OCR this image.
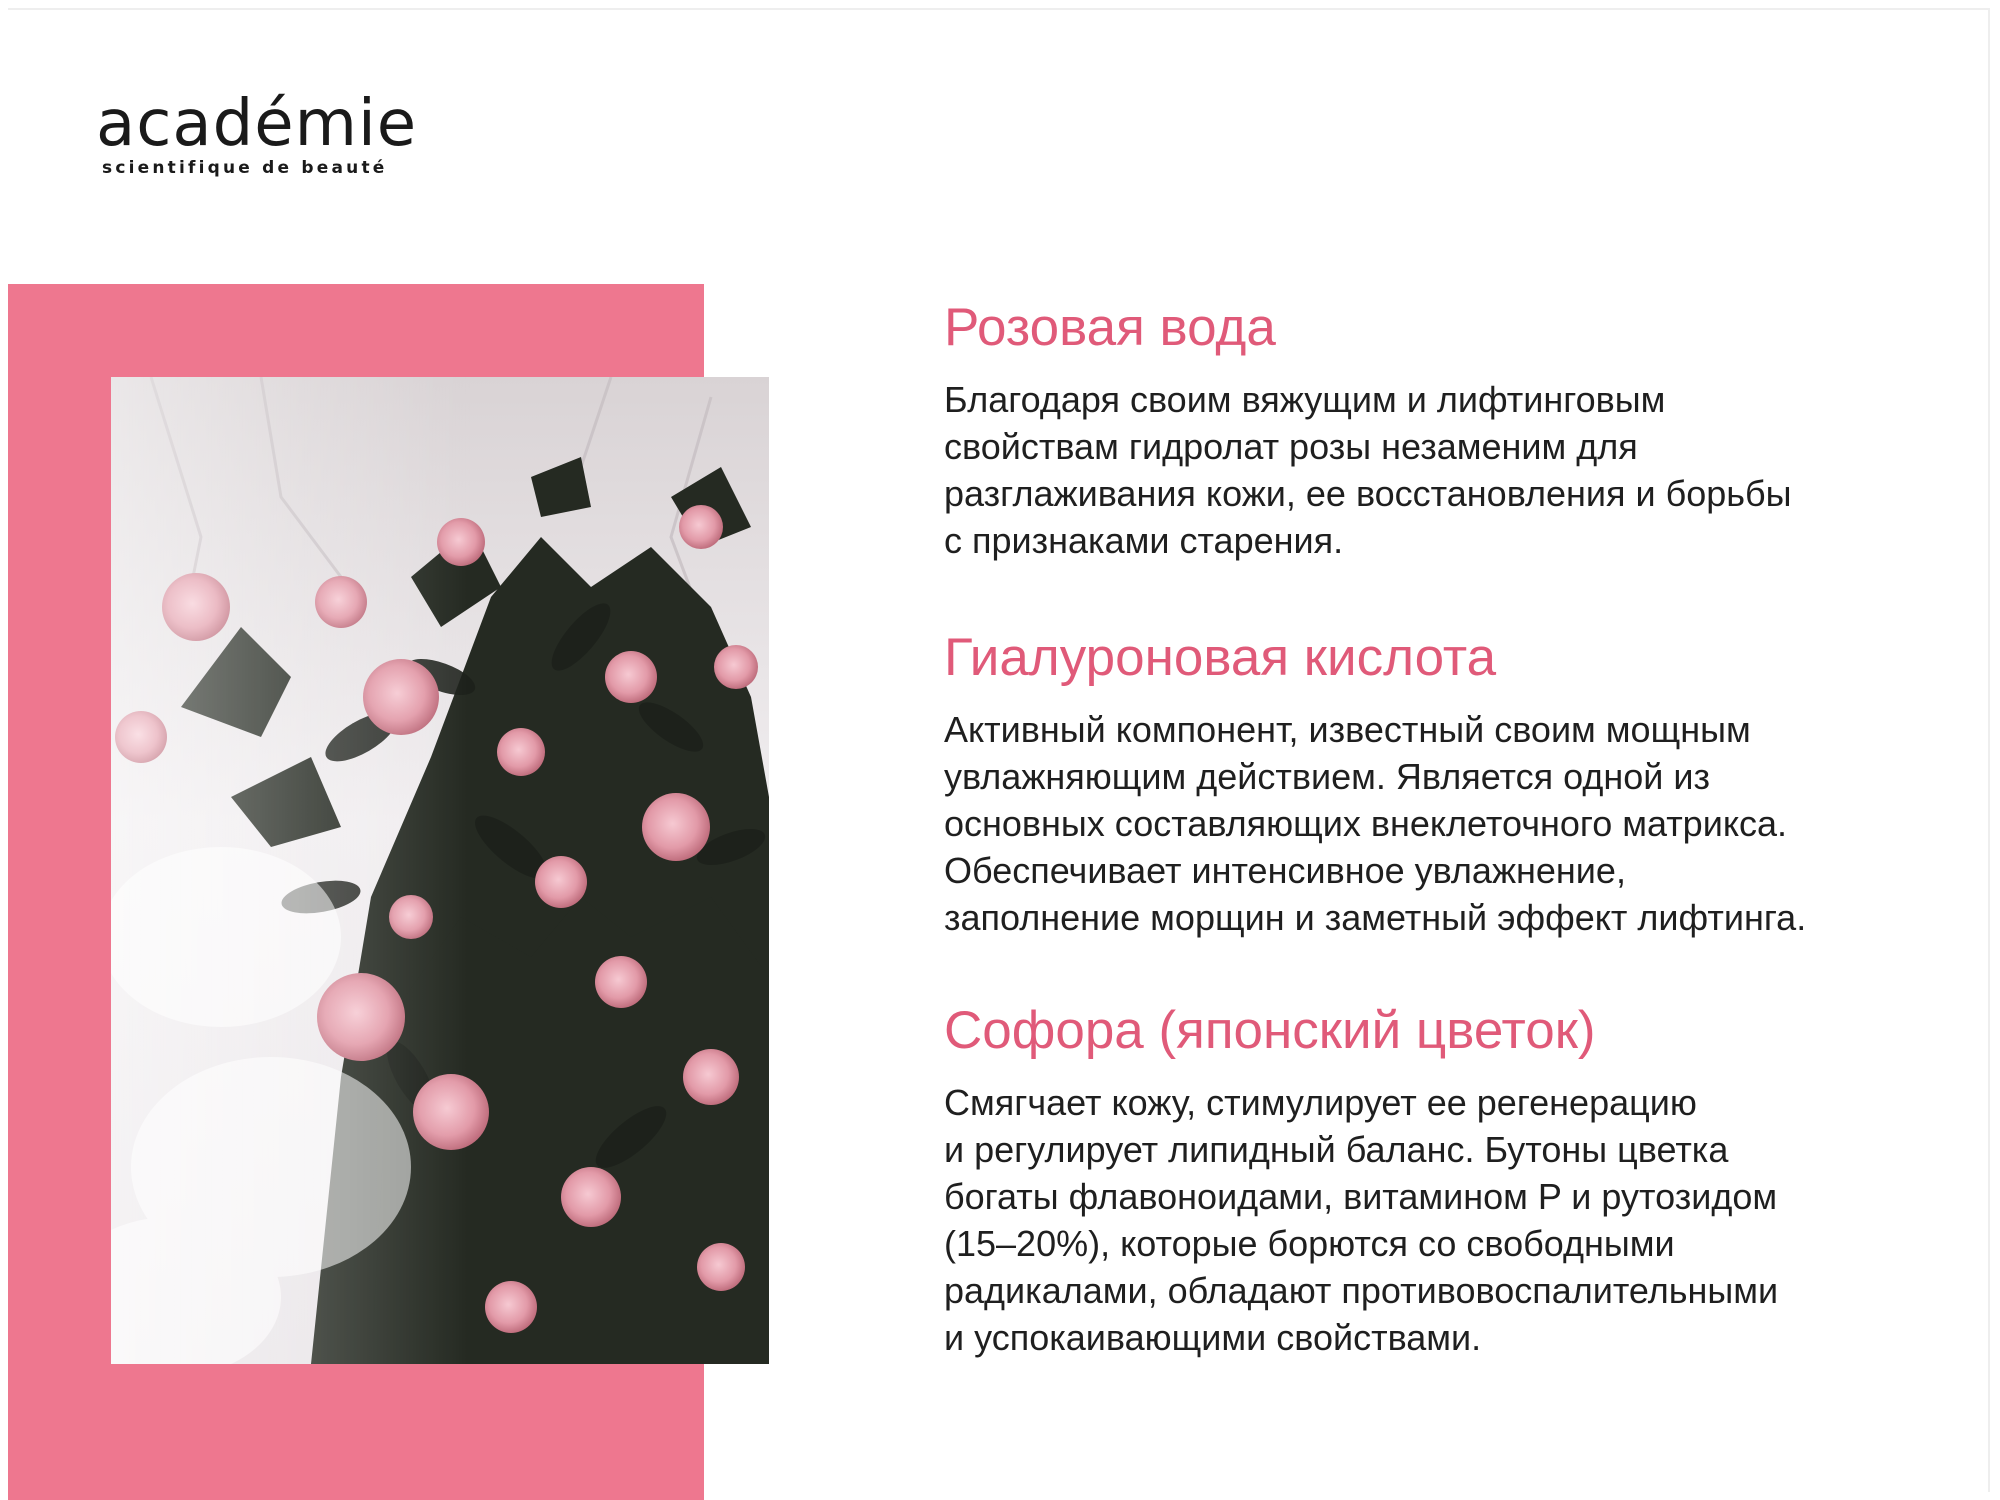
académie
scientifique de beauté
Розовая вода

Благодаря своим вяжущим и лифтинговым
свойствам гидролат розы незаменим для
разглаживания кожи, ее восстановления и борьбы
с признаками старения.

Гиалуроновая кислота

Активный компонент, известный своим мощным
увлажняющим действием. Является одной из
основных составляющих внеклеточного матрикса.
Обеспечивает интенсивное увлажнение,
заполнение морщин и заметный эффект лифтинга.

Софора (японский цветок)

Смягчает кожу, стимулирует ее регенерацию
и регулирует липидный баланс. Бутоны цветка
богаты флавоноидами, витамином P и рутозидом
(15–20%), которые борются со свободными
радикалами, обладают противовоспалительными
и успокаивающими свойствами.
